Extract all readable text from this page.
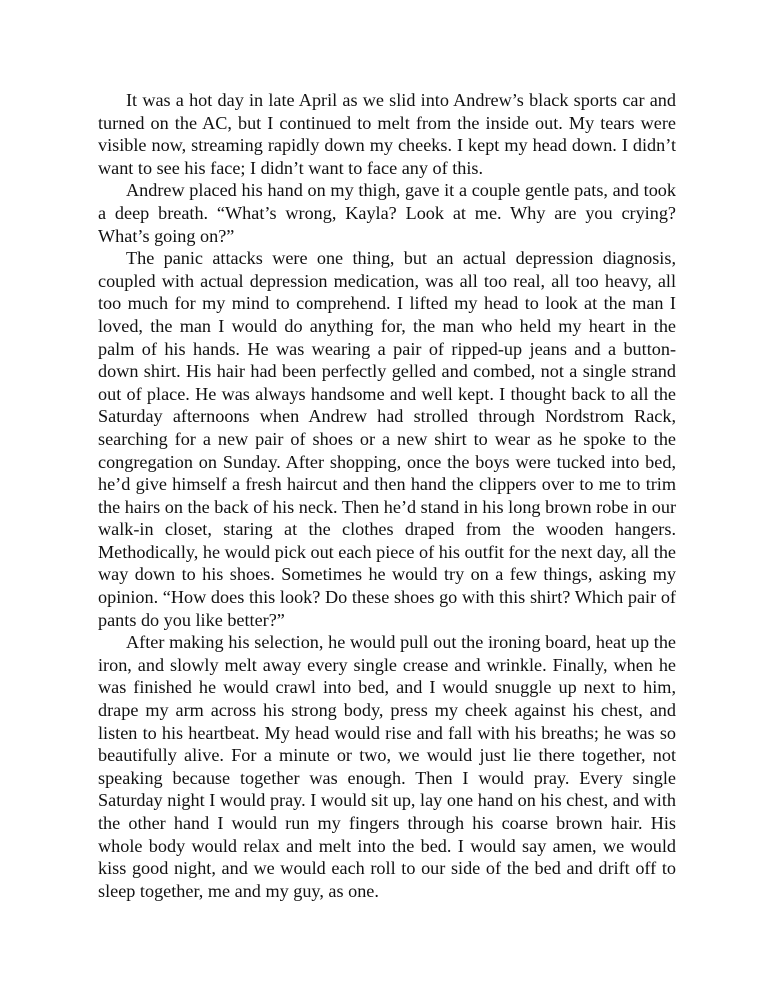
It was a hot day in late April as we slid into Andrew’s black sports car and turned on the AC, but I continued to melt from the inside out. My tears were visible now, streaming rapidly down my cheeks. I kept my head down. I didn’t want to see his face; I didn’t want to face any of this.

Andrew placed his hand on my thigh, gave it a couple gentle pats, and took a deep breath. “What’s wrong, Kayla? Look at me. Why are you crying? What’s going on?”

The panic attacks were one thing, but an actual depression diagnosis, coupled with actual depression medication, was all too real, all too heavy, all too much for my mind to comprehend. I lifted my head to look at the man I loved, the man I would do anything for, the man who held my heart in the palm of his hands. He was wearing a pair of ripped-up jeans and a button-down shirt. His hair had been perfectly gelled and combed, not a single strand out of place. He was always handsome and well kept. I thought back to all the Saturday afternoons when Andrew had strolled through Nordstrom Rack, searching for a new pair of shoes or a new shirt to wear as he spoke to the congregation on Sunday. After shopping, once the boys were tucked into bed, he’d give himself a fresh haircut and then hand the clippers over to me to trim the hairs on the back of his neck. Then he’d stand in his long brown robe in our walk-in closet, staring at the clothes draped from the wooden hangers. Methodically, he would pick out each piece of his outfit for the next day, all the way down to his shoes. Sometimes he would try on a few things, asking my opinion. “How does this look? Do these shoes go with this shirt? Which pair of pants do you like better?”

After making his selection, he would pull out the ironing board, heat up the iron, and slowly melt away every single crease and wrinkle. Finally, when he was finished he would crawl into bed, and I would snuggle up next to him, drape my arm across his strong body, press my cheek against his chest, and listen to his heartbeat. My head would rise and fall with his breaths; he was so beautifully alive. For a minute or two, we would just lie there together, not speaking because together was enough. Then I would pray. Every single Saturday night I would pray. I would sit up, lay one hand on his chest, and with the other hand I would run my fingers through his coarse brown hair. His whole body would relax and melt into the bed. I would say amen, we would kiss good night, and we would each roll to our side of the bed and drift off to sleep together, me and my guy, as one.
